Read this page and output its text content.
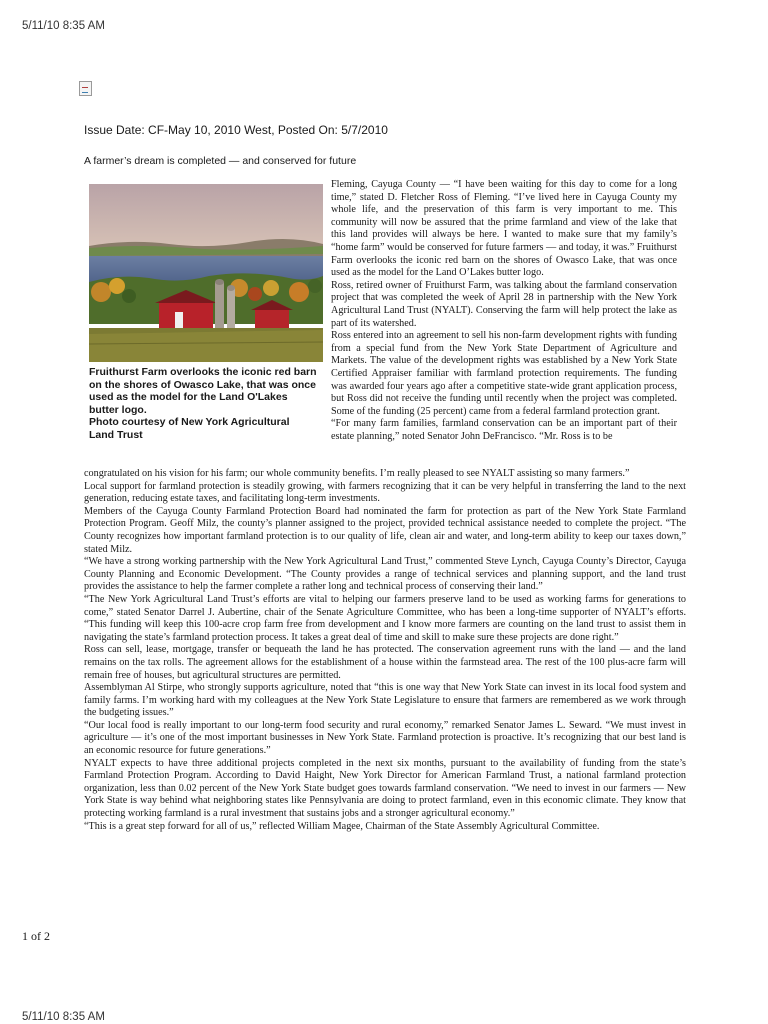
5/11/10 8:35 AM
Issue Date: CF-May 10, 2010 West, Posted On: 5/7/2010
A farmer’s dream is completed — and conserved for future
Fruithurst Farm overlooks the iconic red barn on the shores of Owasco Lake, that was once used as the model for the Land O'Lakes butter logo.
Photo courtesy of New York Agricultural Land Trust

Fleming, Cayuga County — “I have been waiting for this day to come for a long time,” stated D. Fletcher Ross of Fleming. “I’ve lived here in Cayuga County my whole life, and the preservation of this farm is very important to me. This community will now be assured that the prime farmland and view of the lake that this land provides will always be here. I wanted to make sure that my family’s “home farm” would be conserved for future farmers — and today, it was.” Fruithurst Farm overlooks the iconic red barn on the shores of Owasco Lake, that was once used as the model for the Land O’Lakes butter logo.

Ross, retired owner of Fruithurst Farm, was talking about the farmland conservation project that was completed the week of April 28 in partnership with the New York Agricultural Land Trust (NYALT). Conserving the farm will help protect the lake as part of its watershed.

Ross entered into an agreement to sell his non-farm development rights with funding from a special fund from the New York State Department of Agriculture and Markets. The value of the development rights was established by a New York State Certified Appraiser familiar with farmland protection requirements. The funding was awarded four years ago after a competitive state-wide grant application process, but Ross did not receive the funding until recently when the project was completed. Some of the funding (25 percent) came from a federal farmland protection grant.

“For many farm families, farmland conservation can be an important part of their estate planning,” noted Senator John DeFrancisco. “Mr. Ross is to be

congratulated on his vision for his farm; our whole community benefits. I’m really pleased to see NYALT assisting so many farmers.”

Local support for farmland protection is steadily growing, with farmers recognizing that it can be very helpful in transferring the land to the next generation, reducing estate taxes, and facilitating long-term investments.

Members of the Cayuga County Farmland Protection Board had nominated the farm for protection as part of the New York State Farmland Protection Program. Geoff Milz, the county’s planner assigned to the project, provided technical assistance needed to complete the project. “The County recognizes how important farmland protection is to our quality of life, clean air and water, and long-term ability to keep our taxes down,” stated Milz.

“We have a strong working partnership with the New York Agricultural Land Trust,” commented Steve Lynch, Cayuga County’s Director, Cayuga County Planning and Economic Development. “The County provides a range of technical services and planning support, and the land trust provides the assistance to help the farmer complete a rather long and technical process of conserving their land.”

“The New York Agricultural Land Trust’s efforts are vital to helping our farmers preserve land to be used as working farms for generations to come,” stated Senator Darrel J. Aubertine, chair of the Senate Agriculture Committee, who has been a long-time supporter of NYALT’s efforts. “This funding will keep this 100-acre crop farm free from development and I know more farmers are counting on the land trust to assist them in navigating the state’s farmland protection process. It takes a great deal of time and skill to make sure these projects are done right.”

Ross can sell, lease, mortgage, transfer or bequeath the land he has protected. The conservation agreement runs with the land — and the land remains on the tax rolls. The agreement allows for the establishment of a house within the farmstead area. The rest of the 100 plus-acre farm will remain free of houses, but agricultural structures are permitted.

Assemblyman Al Stirpe, who strongly supports agriculture, noted that “this is one way that New York State can invest in its local food system and family farms. I’m working hard with my colleagues at the New York State Legislature to ensure that farmers are remembered as we work through the budgeting issues.”

“Our local food is really important to our long-term food security and rural economy,” remarked Senator James L. Seward. “We must invest in agriculture — it’s one of the most important businesses in New York State. Farmland protection is proactive. It’s recognizing that our best land is an economic resource for future generations.”

NYALT expects to have three additional projects completed in the next six months, pursuant to the availability of funding from the state’s Farmland Protection Program. According to David Haight, New York Director for American Farmland Trust, a national farmland protection organization, less than 0.02 percent of the New York State budget goes towards farmland conservation. “We need to invest in our farmers — New York State is way behind what neighboring states like Pennsylvania are doing to protect farmland, even in this economic climate. They know that protecting working farmland is a rural investment that sustains jobs and a stronger agricultural economy.”

“This is a great step forward for all of us,” reflected William Magee, Chairman of the State Assembly Agricultural Committee.

1 of 2
5/11/10 8:35 AM
